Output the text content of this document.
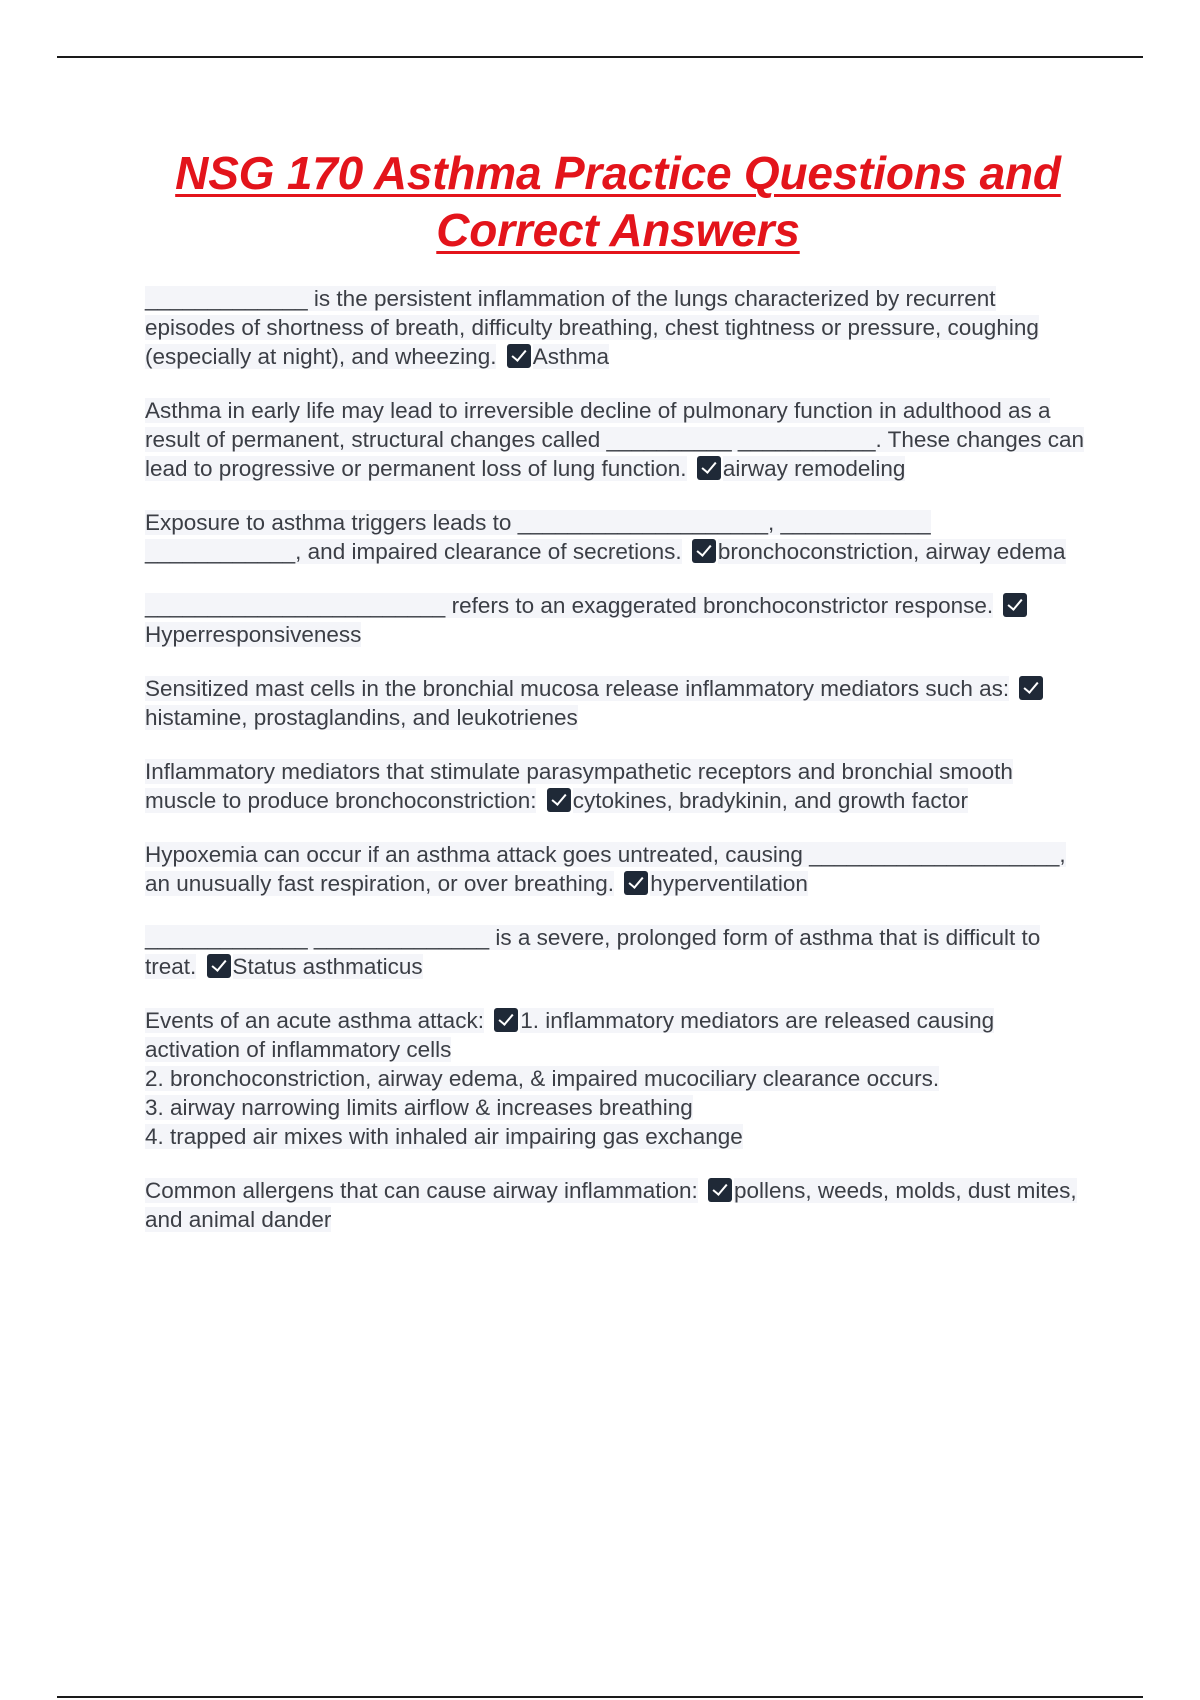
NSG 170 Asthma Practice Questions and Correct Answers

_____________ is the persistent inflammation of the lungs characterized by recurrent episodes of shortness of breath, difficulty breathing, chest tightness or pressure, coughing (especially at night), and wheezing. Asthma

Asthma in early life may lead to irreversible decline of pulmonary function in adulthood as a result of permanent, structural changes called __________ ___________. These changes can lead to progressive or permanent loss of lung function. airway remodeling

Exposure to asthma triggers leads to ____________________, ____________ ____________, and impaired clearance of secretions. bronchoconstriction, airway edema

________________________ refers to an exaggerated bronchoconstrictor response. Hyperresponsiveness

Sensitized mast cells in the bronchial mucosa release inflammatory mediators such as: histamine, prostaglandins, and leukotrienes

Inflammatory mediators that stimulate parasympathetic receptors and bronchial smooth muscle to produce bronchoconstriction: cytokines, bradykinin, and growth factor

Hypoxemia can occur if an asthma attack goes untreated, causing ____________________, an unusually fast respiration, or over breathing. hyperventilation

_____________ ______________ is a severe, prolonged form of asthma that is difficult to treat. Status asthmaticus

Events of an acute asthma attack: 1. inflammatory mediators are released causing activation of inflammatory cells
2. bronchoconstriction, airway edema, & impaired mucociliary clearance occurs.
3. airway narrowing limits airflow & increases breathing
4. trapped air mixes with inhaled air impairing gas exchange

Common allergens that can cause airway inflammation: pollens, weeds, molds, dust mites, and animal dander
